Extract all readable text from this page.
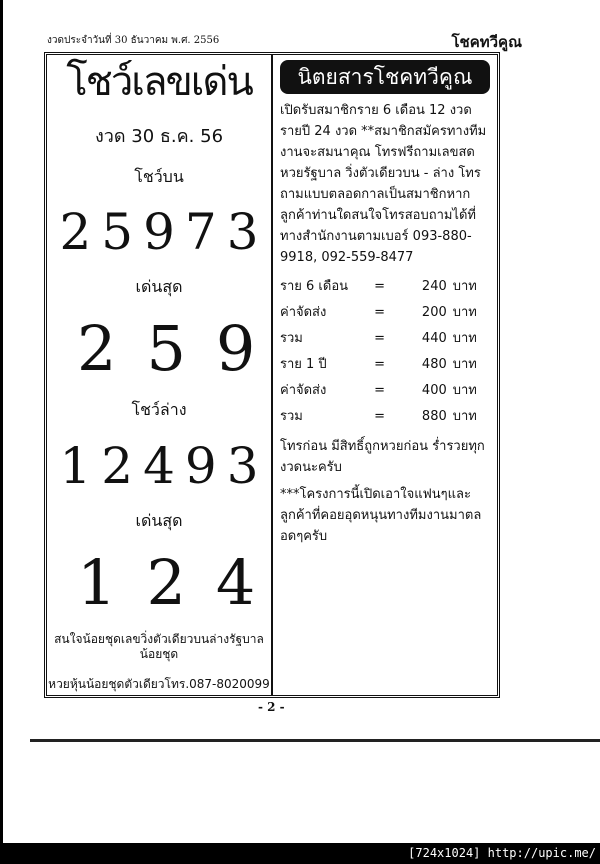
งวดประจำวันที่ 30 ธันวาคม พ.ศ. 2556	โชคทวีคูณ
โชว์เลขเด่น
งวด 30 ธ.ค. 56
โชว์บน
25973
เด่นสุด
259
โชว์ล่าง
12493
เด่นสุด
124
สนใจน้อยชุดเลขวิ่งตัวเดียวบนล่างรัฐบาลน้อยชุด
หวยหุ้นน้อยชุดตัวเดียวโทร.087-8020099
นิตยสารโชคทวีคูณ
เปิดรับสมาชิกราย 6 เดือน 12 งวด รายปี 24 งวด **สมาชิกสมัครทางทีมงานจะสมนาคุณ โทรฟรีถามเลขสด หวยรัฐบาล วิ่งตัวเดียวบน - ล่าง โทรถามแบบตลอดกาลเป็นสมาชิกหากลูกค้าท่านใดสนใจโทรสอบถามได้ที่ทางสำนักงานตามเบอร์ 093-880-9918, 092-559-8477
ราย 6 เดือน	=	240 บาท
ค่าจัดส่ง	=	200 บาท
รวม	=	440 บาท
ราย 1 ปี	=	480 บาท
ค่าจัดส่ง	=	400 บาท
รวม	=	880 บาท
โทรก่อน มีสิทธิ์ถูกหวยก่อน ร่ำรวยทุกงวดนะครับ
***โครงการนี้เปิดเอาใจแฟนๆและลูกค้าที่คอยอุดหนุนทางทีมงานมาตลอดๆครับ
- 2 -
[724x1024] http://upic.me/
